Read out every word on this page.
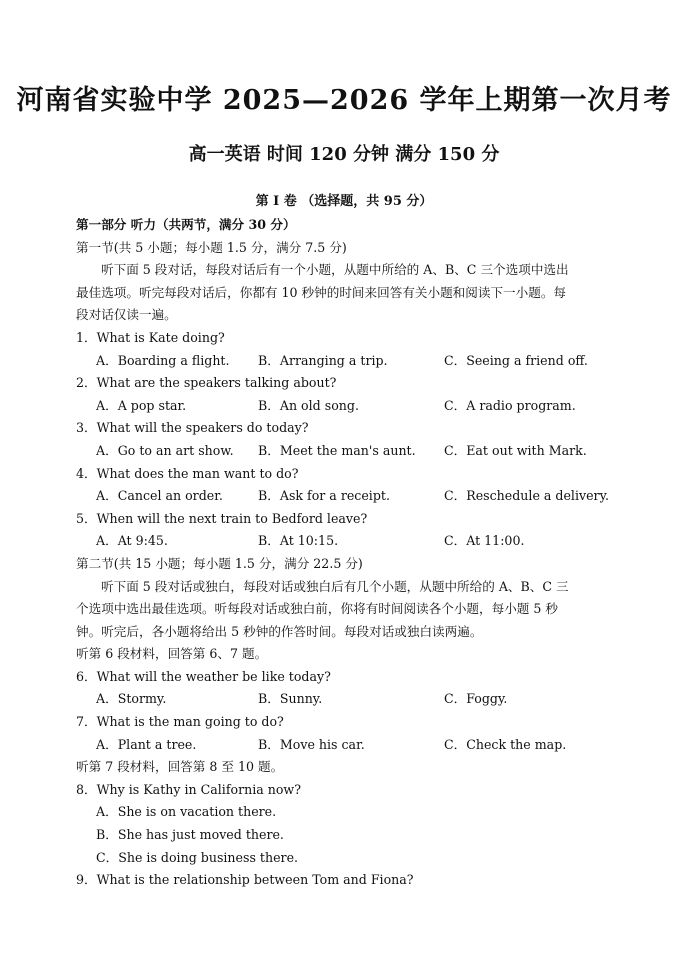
河南省实验中学 2025—2026 学年上期第一次月考
高一英语 时间 120 分钟 满分 150 分
第 Ⅰ 卷 （选择题，共 95 分）
第一部分 听力（共两节，满分 30 分）
第一节(共 5 小题；每小题 1.5 分，满分 7.5 分)
听下面 5 段对话，每段对话后有一个小题，从题中所给的 A、B、C 三个选项中选出
最佳选项。听完每段对话后，你都有 10 秒钟的时间来回答有关小题和阅读下一小题。每
段对话仅读一遍。
1．What is Kate doing?
A．Boarding a flight. B．Arranging a trip.	C．Seeing a friend off.
2．What are the speakers talking about?
A．A pop star.	B．An old song.	C．A radio program.
3．What will the speakers do today?
A．Go to an art show. B．Meet the man's aunt. C．Eat out with Mark.
4．What does the man want to do?
A．Cancel an order.	B．Ask for a receipt.	C．Reschedule a delivery.
5．When will the next train to Bedford leave?
A．At 9:45.	B．At 10:15.	C．At 11:00.
第二节(共 15 小题；每小题 1.5 分，满分 22.5 分)
听下面 5 段对话或独白，每段对话或独白后有几个小题，从题中所给的 A、B、C 三
个选项中选出最佳选项。听每段对话或独白前，你将有时间阅读各个小题，每小题 5 秒
钟。听完后，各小题将给出 5 秒钟的作答时间。每段对话或独白读两遍。
听第 6 段材料，回答第 6、7 题。
6．What will the weather be like today?
A．Stormy.	B．Sunny.	C．Foggy.
7．What is the man going to do?
A．Plant a tree.	B．Move his car.	C．Check the map.
听第 7 段材料，回答第 8 至 10 题。
8．Why is Kathy in California now?
A．She is on vacation there.
B．She has just moved there.
C．She is doing business there.
9．What is the relationship between Tom and Fiona?
